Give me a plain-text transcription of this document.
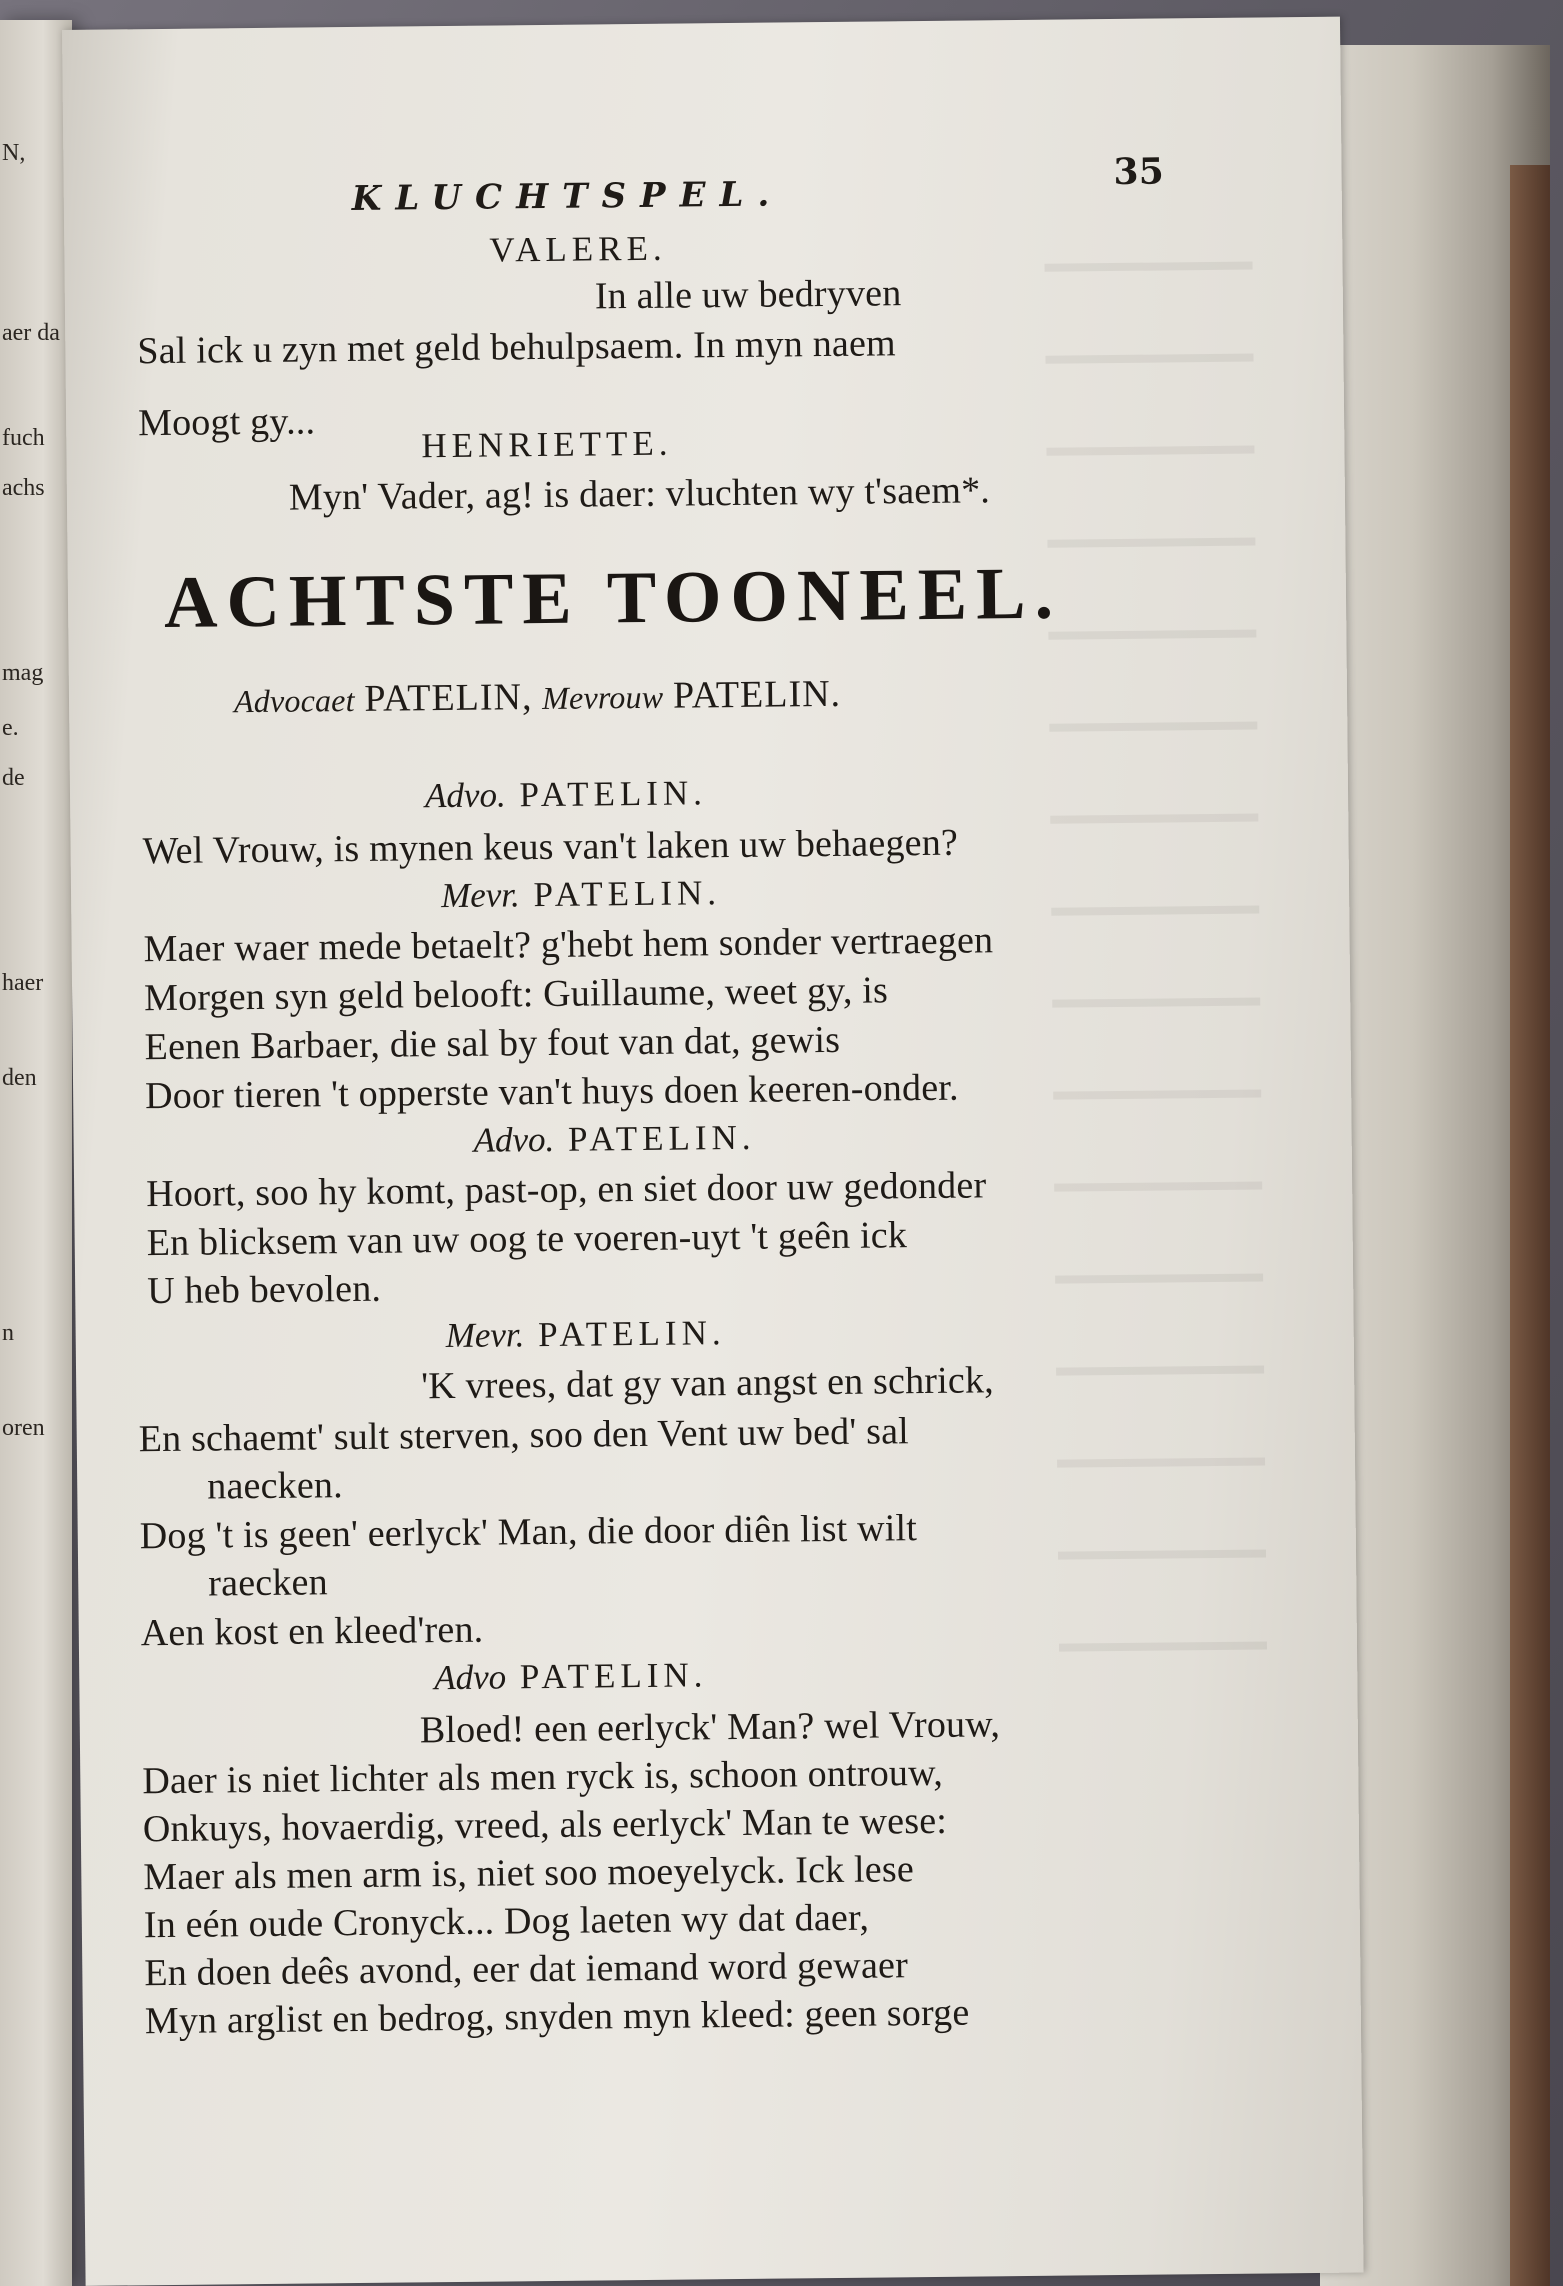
N,
aer da
fuch
achs
mag
e.
de
haer
den
n
oren
KLUCHTSPEL.
35
VALERE.
In alle uw bedryven
Sal ick u zyn met geld behulpsaem. In myn naem
Moogt gy...
HENRIETTE.
Myn' Vader, ag! is daer: vluchten wy t'saem*.
ACHTSTE TOONEEL.
Advocaet PATELIN, Mevrouw PATELIN.
Advo. PATELIN.
Wel Vrouw, is mynen keus van't laken uw behaegen?
Mevr. PATELIN.
Maer waer mede betaelt? g'hebt hem sonder vertraegen
Morgen syn geld belooft: Guillaume, weet gy, is
Eenen Barbaer, die sal by fout van dat, gewis
Door tieren 't opperste van't huys doen keeren-onder.
Advo. PATELIN.
Hoort, soo hy komt, past-op, en siet door uw gedonder
En blicksem van uw oog te voeren-uyt 't geên ick
U heb bevolen.
Mevr. PATELIN.
'K vrees, dat gy van angst en schrick,
En schaemt' sult sterven, soo den Vent uw bed' sal
naecken.
Dog 't is geen' eerlyck' Man, die door diên list wilt
raecken
Aen kost en kleed'ren.
Advo PATELIN.
Bloed! een eerlyck' Man? wel Vrouw,
Daer is niet lichter als men ryck is, schoon ontrouw,
Onkuys, hovaerdig, vreed, als eerlyck' Man te wese:
Maer als men arm is, niet soo moeyelyck. Ick lese
In eén oude Cronyck... Dog laeten wy dat daer,
En doen deês avond, eer dat iemand word gewaer
Myn arglist en bedrog, snyden myn kleed: geen sorge
